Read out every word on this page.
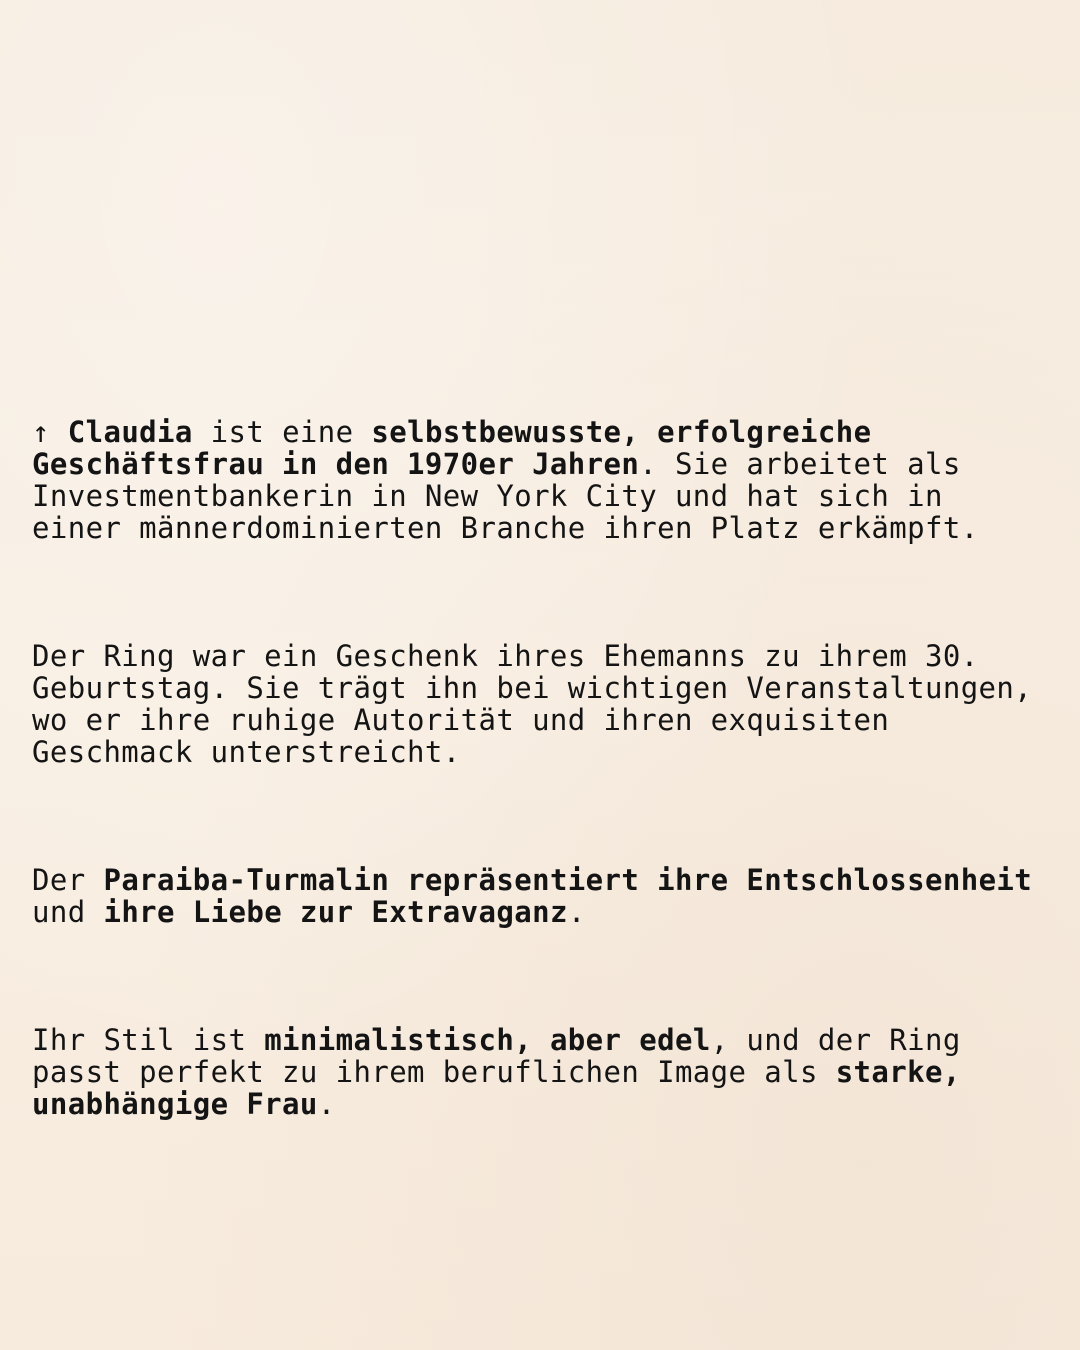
↑ Claudia ist eine selbstbewusste, erfolgreiche Geschäftsfrau in den 1970er Jahren. Sie arbeitet als Investmentbankerin in New York City und hat sich in einer männerdominierten Branche ihren Platz erkämpft.

Der Ring war ein Geschenk ihres Ehemanns zu ihrem 30. Geburtstag. Sie trägt ihn bei wichtigen Veranstaltungen, wo er ihre ruhige Autorität und ihren exquisiten Geschmack unterstreicht.

Der Paraiba-Turmalin repräsentiert ihre Entschlossenheit und ihre Liebe zur Extravaganz.

Ihr Stil ist minimalistisch, aber edel, und der Ring passt perfekt zu ihrem beruflichen Image als starke, unabhängige Frau.
